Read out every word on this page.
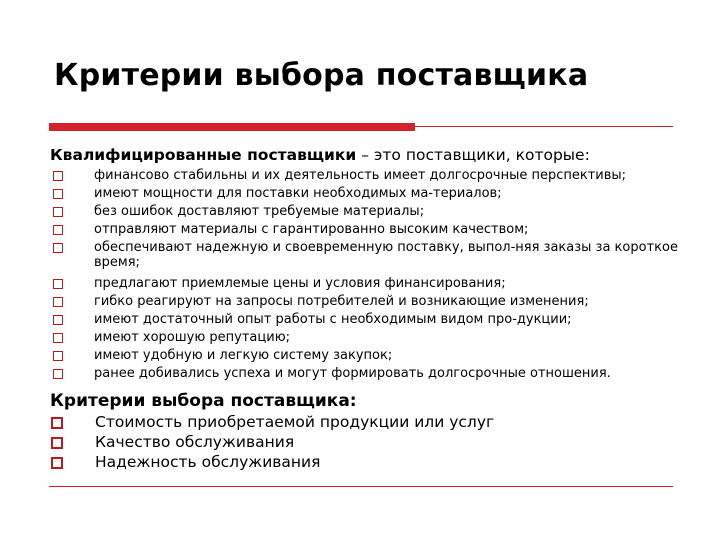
Критерии выбора поставщика
Квалифицированные поставщики – это поставщики, которые:
финансово стабильны и их деятельность имеет долгосрочные перспективы;
имеют мощности для поставки необходимых ма-териалов;
без ошибок доставляют требуемые материалы;
отправляют материалы с гарантированно высоким качеством;
обеспечивают надежную и своевременную поставку, выпол-няя заказы за короткое время;
предлагают приемлемые цены и условия финансирования;
гибко реагируют на запросы потребителей и возникающие изменения;
имеют достаточный опыт работы с необходимым видом про-дукции;
имеют хорошую репутацию;
имеют удобную и легкую систему закупок;
ранее добивались успеха и могут формировать долгосрочные отношения.
Критерии выбора поставщика:
Стоимость приобретаемой продукции или услуг
Качество обслуживания
Надежность обслуживания
